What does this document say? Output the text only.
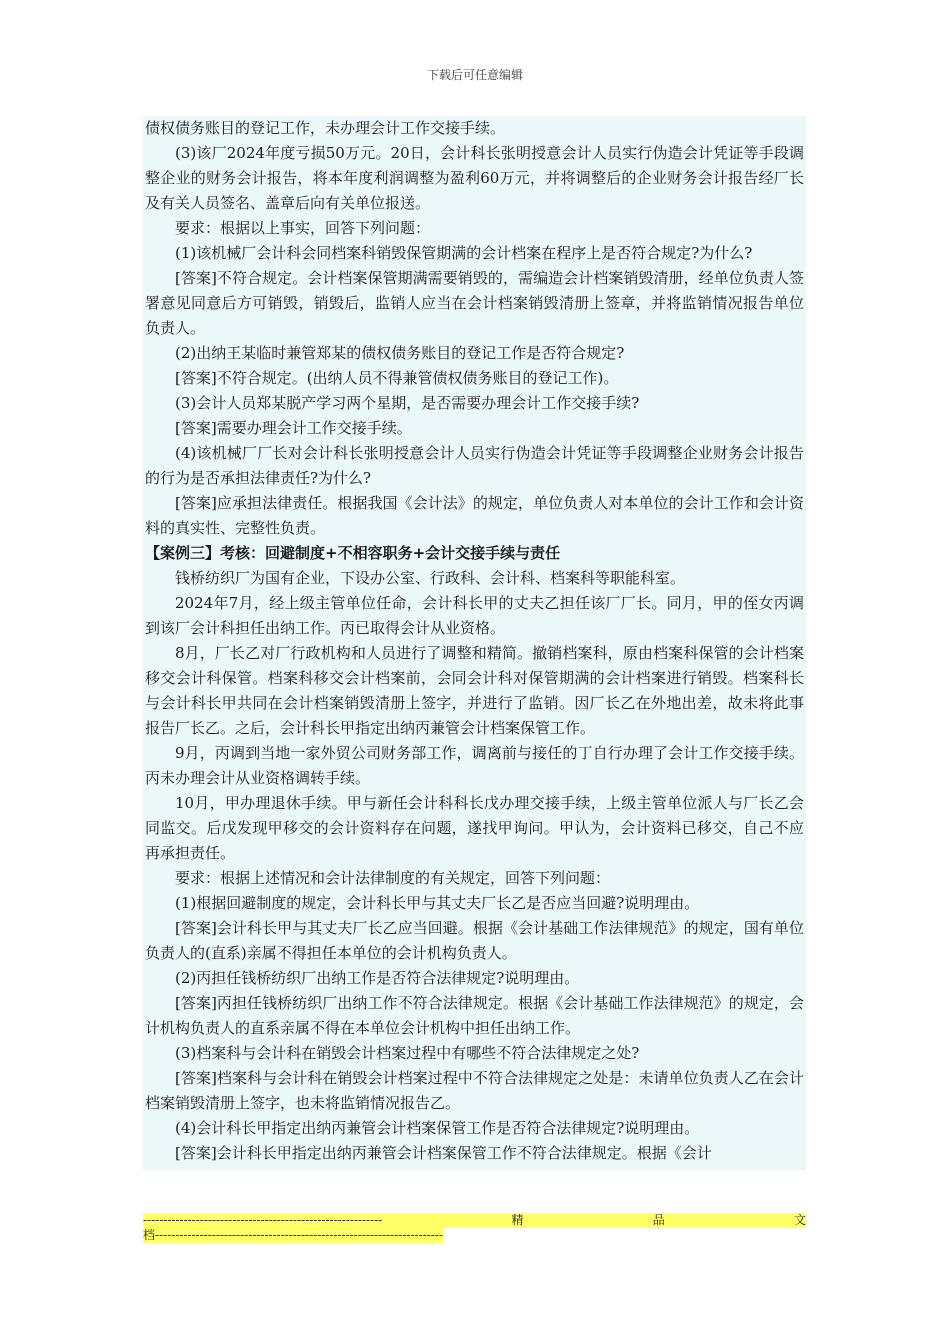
下载后可任意编辑

债权债务账目的登记工作，未办理会计工作交接手续。

(3)该厂2024年度亏损50万元。20日，会计科长张明授意会计人员实行伪造会计凭证等手段调整企业的财务会计报告，将本年度利润调整为盈利60万元，并将调整后的企业财务会计报告经厂长及有关人员签名、盖章后向有关单位报送。

要求：根据以上事实，回答下列问题：

(1)该机械厂会计科会同档案科销毁保管期满的会计档案在程序上是否符合规定?为什么?

[答案]不符合规定。会计档案保管期满需要销毁的，需编造会计档案销毁清册，经单位负责人签署意见同意后方可销毁，销毁后，监销人应当在会计档案销毁清册上签章，并将监销情况报告单位负责人。

(2)出纳王某临时兼管郑某的债权债务账目的登记工作是否符合规定?

[答案]不符合规定。(出纳人员不得兼管债权债务账目的登记工作)。

(3)会计人员郑某脱产学习两个星期，是否需要办理会计工作交接手续?

[答案]需要办理会计工作交接手续。

(4)该机械厂厂长对会计科长张明授意会计人员实行伪造会计凭证等手段调整企业财务会计报告的行为是否承担法律责任?为什么?

[答案]应承担法律责任。根据我国《会计法》的规定，单位负责人对本单位的会计工作和会计资料的真实性、完整性负责。

【案例三】考核：回避制度+不相容职务+会计交接手续与责任

钱桥纺织厂为国有企业，下设办公室、行政科、会计科、档案科等职能科室。

2024年7月，经上级主管单位任命，会计科长甲的丈夫乙担任该厂厂长。同月，甲的侄女丙调到该厂会计科担任出纳工作。丙已取得会计从业资格。

8月，厂长乙对厂行政机构和人员进行了调整和精简。撤销档案科，原由档案科保管的会计档案移交会计科保管。档案科移交会计档案前，会同会计科对保管期满的会计档案进行销毁。档案科长与会计科长甲共同在会计档案销毁清册上签字，并进行了监销。因厂长乙在外地出差，故未将此事报告厂长乙。之后，会计科长甲指定出纳丙兼管会计档案保管工作。

9月，丙调到当地一家外贸公司财务部工作，调离前与接任的丁自行办理了会计工作交接手续。丙未办理会计从业资格调转手续。

10月，甲办理退休手续。甲与新任会计科科长戊办理交接手续，上级主管单位派人与厂长乙会同监交。后戊发现甲移交的会计资料存在问题，遂找甲询问。甲认为，会计资料已移交，自己不应再承担责任。

要求：根据上述情况和会计法律制度的有关规定，回答下列问题：

(1)根据回避制度的规定，会计科长甲与其丈夫厂长乙是否应当回避?说明理由。

[答案]会计科长甲与其丈夫厂长乙应当回避。根据《会计基础工作法律规范》的规定，国有单位负责人的(直系)亲属不得担任本单位的会计机构负责人。

(2)丙担任钱桥纺织厂出纳工作是否符合法律规定?说明理由。

[答案]丙担任钱桥纺织厂出纳工作不符合法律规定。根据《会计基础工作法律规范》的规定，会计机构负责人的直系亲属不得在本单位会计机构中担任出纳工作。

(3)档案科与会计科在销毁会计档案过程中有哪些不符合法律规定之处?

[答案]档案科与会计科在销毁会计档案过程中不符合法律规定之处是：未请单位负责人乙在会计档案销毁清册上签字，也未将监销情况报告乙。

(4)会计科长甲指定出纳丙兼管会计档案保管工作是否符合法律规定?说明理由。

[答案]会计科长甲指定出纳丙兼管会计档案保管工作不符合法律规定。根据《会计

-----------------------------------------------------------	精	品	文
档-----------------------------------------------------------------------
